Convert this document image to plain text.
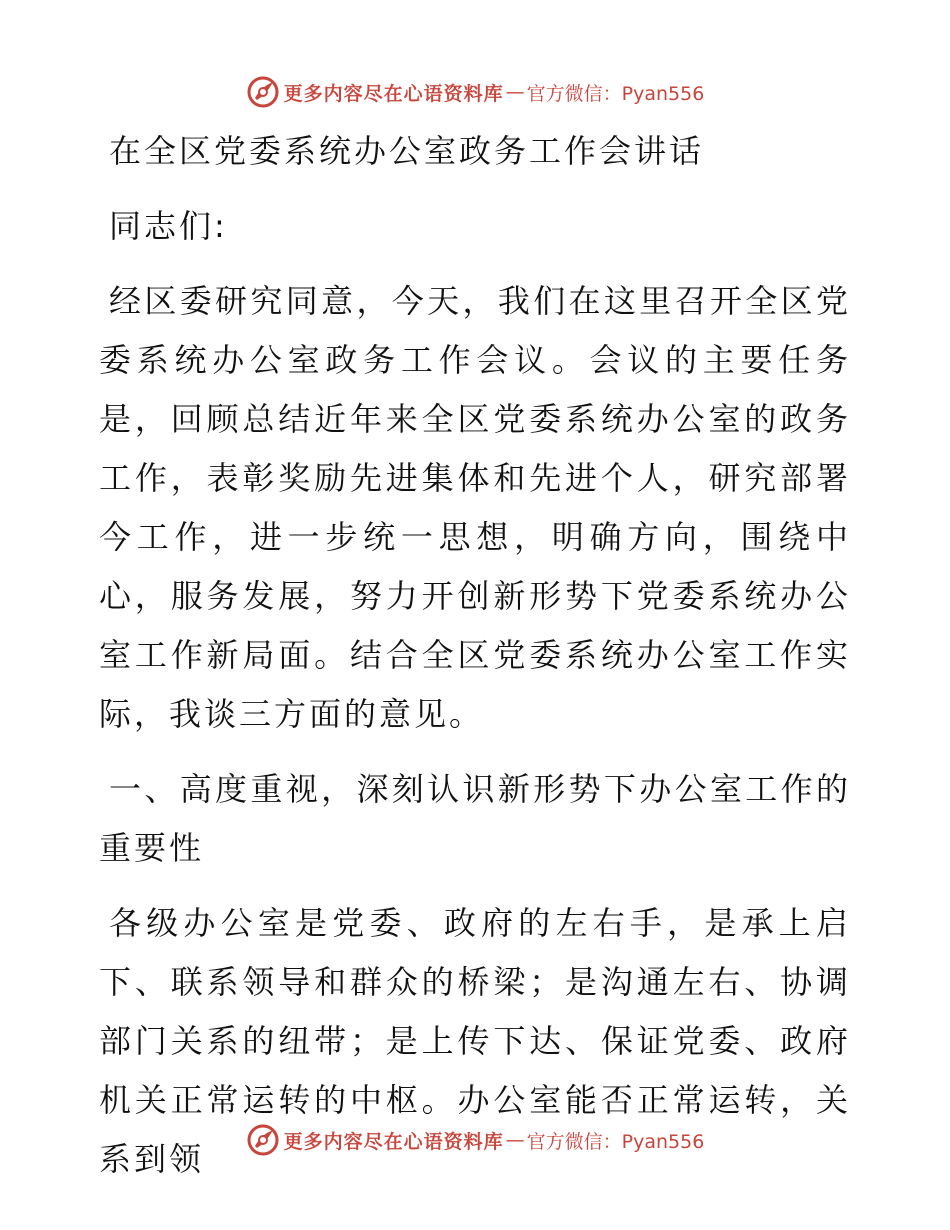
更多内容尽在心语资料库 — 官方微信：Pyan556

在全区党委系统办公室政务工作会讲话

同志们:

经区委研究同意，今天，我们在这里召开全区党委系统办公室政务工作会议。会议的主要任务是，回顾总结近年来全区党委系统办公室的政务工作，表彰奖励先进集体和先进个人，研究部署今工作，进一步统一思想，明确方向，围绕中心，服务发展，努力开创新形势下党委系统办公室工作新局面。结合全区党委系统办公室工作实际，我谈三方面的意见。

一、高度重视，深刻认识新形势下办公室工作的重要性

各级办公室是党委、政府的左右手，是承上启下、联系领导和群众的桥梁；是沟通左右、协调部门关系的纽带；是上传下达、保证党委、政府机关正常运转的中枢。办公室能否正常运转，关系到领	更多内容尽在心语资料库 — 官方微信：Pyan556
